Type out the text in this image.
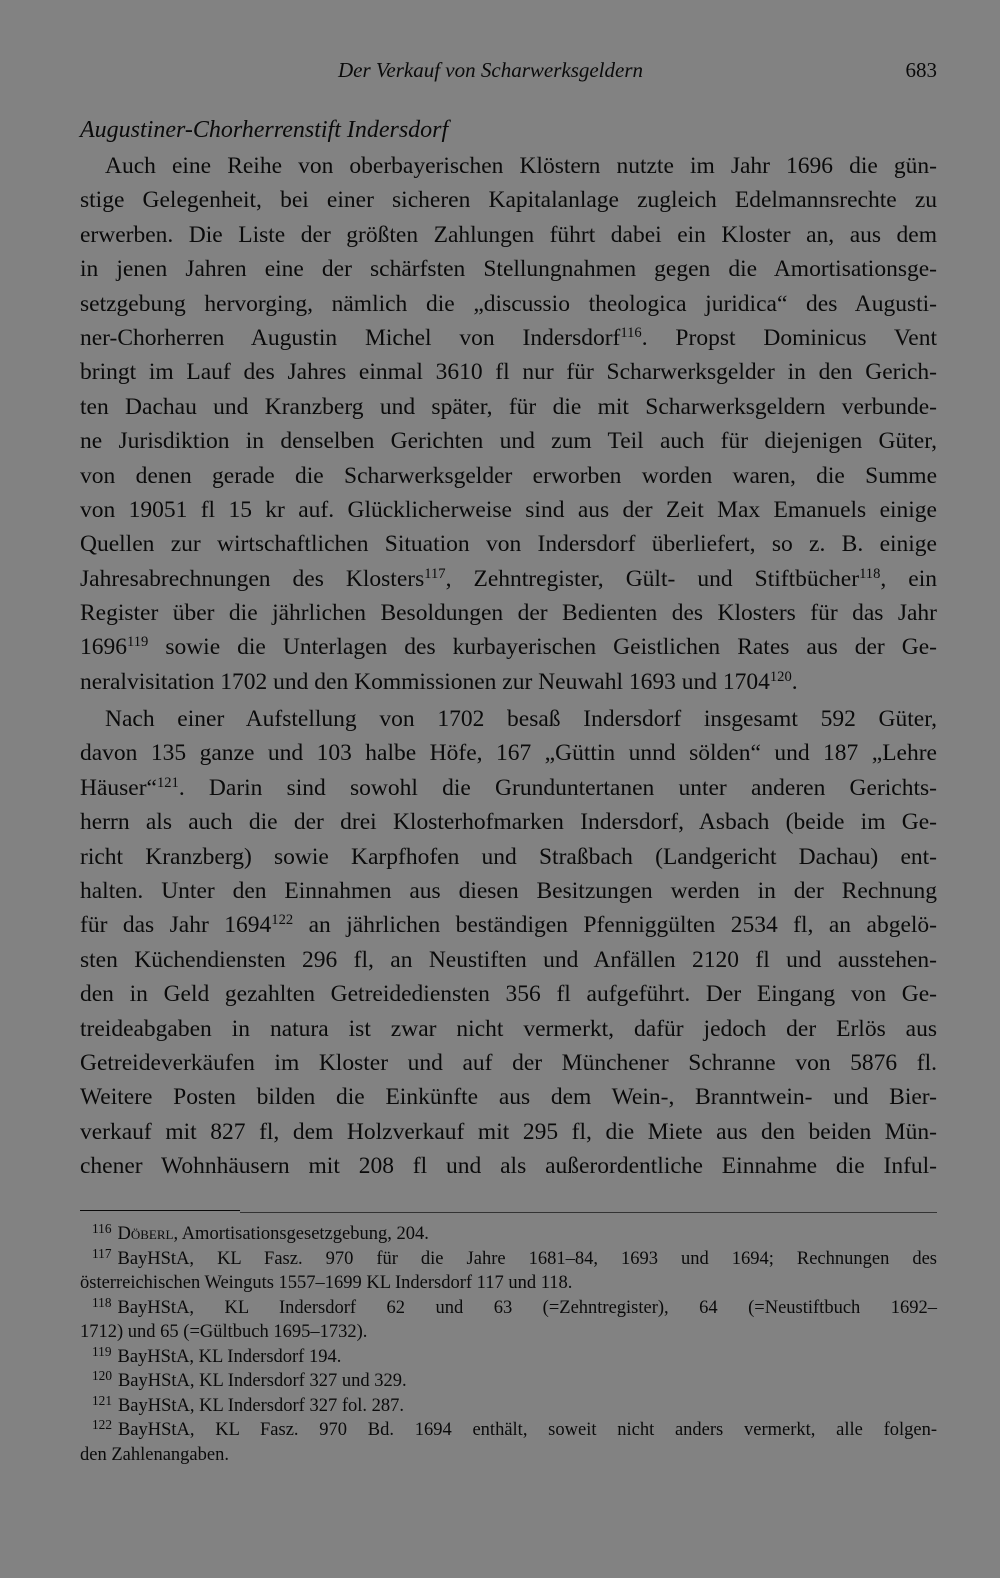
Der Verkauf von Scharwerksgeldern	683
Augustiner-Chorherrenstift Indersdorf
Auch eine Reihe von oberbayerischen Klöstern nutzte im Jahr 1696 die gün-
stige Gelegenheit, bei einer sicheren Kapitalanlage zugleich Edelmannsrechte zu
erwerben. Die Liste der größten Zahlungen führt dabei ein Kloster an, aus dem
in jenen Jahren eine der schärfsten Stellungnahmen gegen die Amortisationsge-
setzgebung hervorging, nämlich die „discussio theologica juridica“ des Augusti-
ner-Chorherren Augustin Michel von Indersdorf$^{116}$. Propst Dominicus Vent
bringt im Lauf des Jahres einmal 3610 fl nur für Scharwerksgelder in den Gerich-
ten Dachau und Kranzberg und später, für die mit Scharwerksgeldern verbunde-
ne Jurisdiktion in denselben Gerichten und zum Teil auch für diejenigen Güter,
von denen gerade die Scharwerksgelder erworben worden waren, die Summe
von 19051 fl 15 kr auf. Glücklicherweise sind aus der Zeit Max Emanuels einige
Quellen zur wirtschaftlichen Situation von Indersdorf überliefert, so z. B. einige
Jahresabrechnungen des Klosters$^{117}$, Zehntregister, Gült- und Stiftbücher$^{118}$, ein
Register über die jährlichen Besoldungen der Bedienten des Klosters für das Jahr
1696$^{119}$ sowie die Unterlagen des kurbayerischen Geistlichen Rates aus der Ge-
neralvisitation 1702 und den Kommissionen zur Neuwahl 1693 und 1704$^{120}$.
Nach einer Aufstellung von 1702 besaß Indersdorf insgesamt 592 Güter,
davon 135 ganze und 103 halbe Höfe, 167 „Güttin unnd sölden“ und 187 „Lehre
Häuser“$^{121}$. Darin sind sowohl die Grunduntertanen unter anderen Gerichts-
herrn als auch die der drei Klosterhofmarken Indersdorf, Asbach (beide im Ge-
richt Kranzberg) sowie Karpfhofen und Straßbach (Landgericht Dachau) ent-
halten. Unter den Einnahmen aus diesen Besitzungen werden in der Rechnung
für das Jahr 1694$^{122}$ an jährlichen beständigen Pfenniggülten 2534 fl, an abgelö-
sten Küchendiensten 296 fl, an Neustiften und Anfällen 2120 fl und ausstehen-
den in Geld gezahlten Getreidediensten 356 fl aufgeführt. Der Eingang von Ge-
treideabgaben in natura ist zwar nicht vermerkt, dafür jedoch der Erlös aus
Getreideverkäufen im Kloster und auf der Münchener Schranne von 5876 fl.
Weitere Posten bilden die Einkünfte aus dem Wein-, Branntwein- und Bier-
verkauf mit 827 fl, dem Holzverkauf mit 295 fl, die Miete aus den beiden Mün-
chener Wohnhäusern mit 208 fl und als außerordentliche Einnahme die Inful-
$^{116}$ Döberl, Amortisationsgesetzgebung, 204.
$^{117}$ BayHStA, KL Fasz. 970 für die Jahre 1681–84, 1693 und 1694; Rechnungen des
österreichischen Weinguts 1557–1699 KL Indersdorf 117 und 118.
$^{118}$ BayHStA, KL Indersdorf 62 und 63 (=Zehntregister), 64 (=Neustiftbuch 1692–
1712) und 65 (=Gültbuch 1695–1732).
$^{119}$ BayHStA, KL Indersdorf 194.
$^{120}$ BayHStA, KL Indersdorf 327 und 329.
$^{121}$ BayHStA, KL Indersdorf 327 fol. 287.
$^{122}$ BayHStA, KL Fasz. 970 Bd. 1694 enthält, soweit nicht anders vermerkt, alle folgen-
den Zahlenangaben.
